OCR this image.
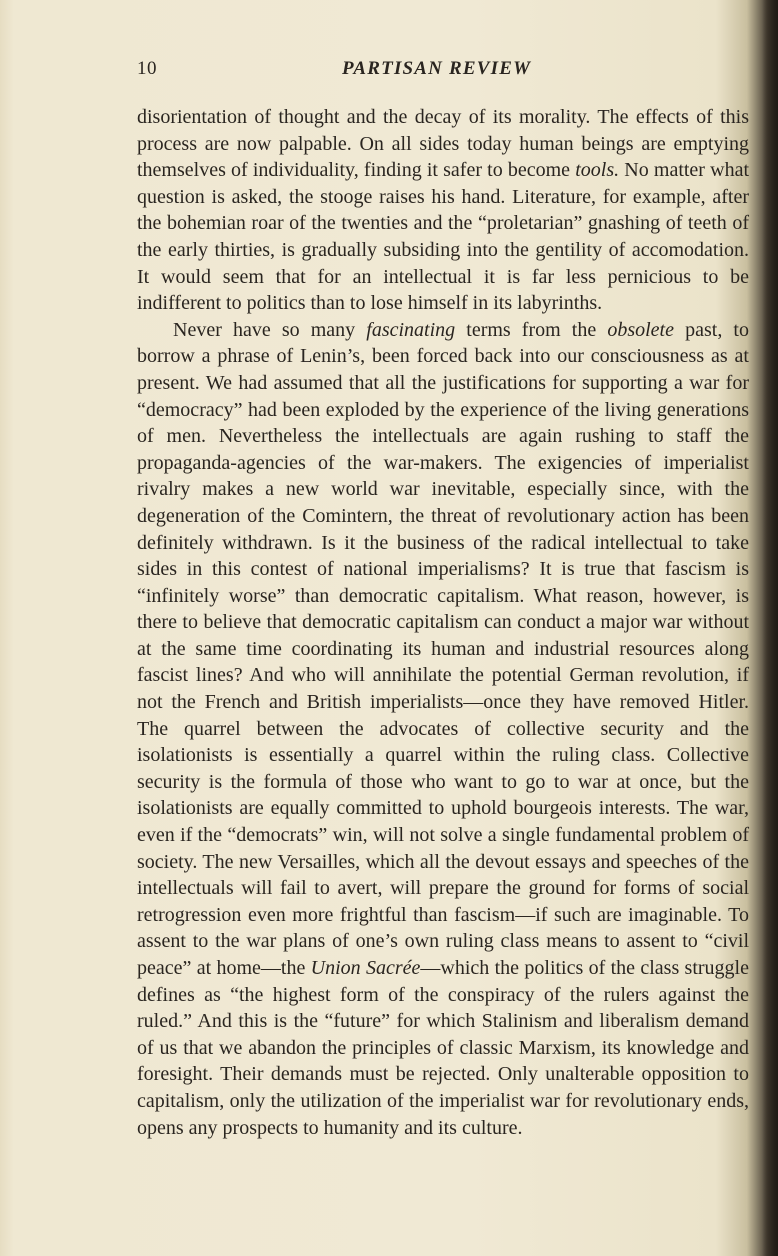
10	PARTISAN REVIEW

disorientation of thought and the decay of its morality. The effects of this process are now palpable. On all sides today human beings are emptying themselves of individuality, finding it safer to become tools. No matter what question is asked, the stooge raises his hand. Literature, for example, after the bohemian roar of the twenties and the “proletarian” gnashing of teeth of the early thirties, is gradually subsiding into the gentility of accomodation. It would seem that for an intellectual it is far less pernicious to be indifferent to politics than to lose himself in its labyrinths.

Never have so many fascinating terms from the obsolete past, to borrow a phrase of Lenin’s, been forced back into our consciousness as at present. We had assumed that all the justifications for supporting a war for “democracy” had been exploded by the experience of the living generations of men. Nevertheless the intellectuals are again rushing to staff the propaganda-agencies of the war-makers. The exigencies of imperialist rivalry makes a new world war inevitable, especially since, with the degeneration of the Comintern, the threat of revolutionary action has been definitely withdrawn. Is it the business of the radical intellectual to take sides in this contest of national imperialisms? It is true that fascism is “infinitely worse” than democratic capitalism. What reason, however, is there to believe that democratic capitalism can conduct a major war without at the same time coordinating its human and industrial resources along fascist lines? And who will annihilate the potential German revolution, if not the French and British imperialists—once they have removed Hitler. The quarrel between the advocates of collective security and the isolationists is essentially a quarrel within the ruling class. Collective security is the formula of those who want to go to war at once, but the isolationists are equally committed to uphold bourgeois interests. The war, even if the “democrats” win, will not solve a single fundamental problem of society. The new Versailles, which all the devout essays and speeches of the intellectuals will fail to avert, will prepare the ground for forms of social retrogression even more frightful than fascism—if such are imaginable. To assent to the war plans of one’s own ruling class means to assent to “civil peace” at home—the Union Sacrée—which the politics of the class struggle defines as “the highest form of the conspiracy of the rulers against the ruled.” And this is the “future” for which Stalinism and liberalism demand of us that we abandon the principles of classic Marxism, its knowledge and foresight. Their demands must be rejected. Only unalterable opposition to capitalism, only the utilization of the imperialist war for revolutionary ends, opens any prospects to humanity and its culture.
